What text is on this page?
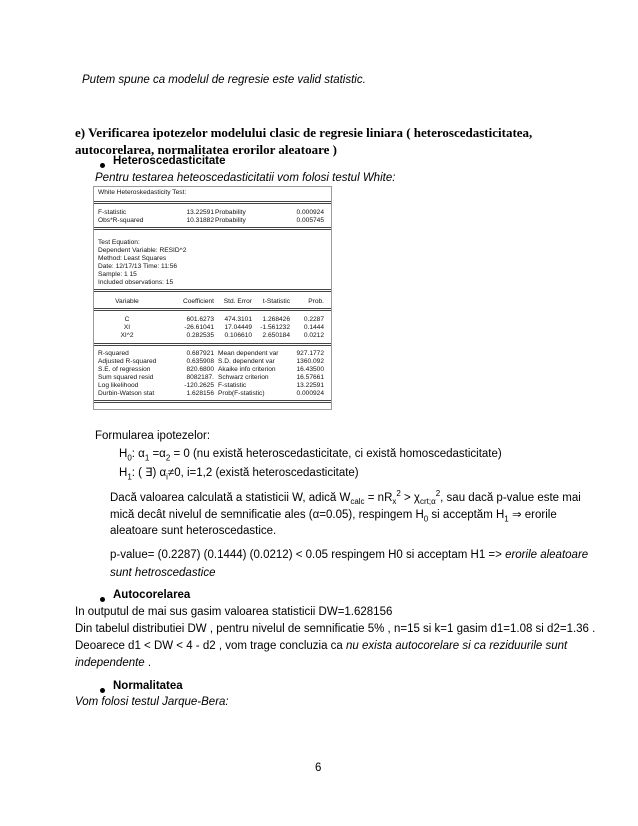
Putem spune ca modelul de regresie este valid statistic.
e) Verificarea ipotezelor modelului clasic de regresie liniara ( heteroscedasticitatea,
autocorelarea, normalitatea erorilor aleatoare )
Heteroscedasticitate
Pentru testarea heteoscedasticitatii vom folosi testul White:
White Heteroskedasticity Test:
F-statistic	13.22591 Probability	0.000924
Obs*R-squared	10.31882 Probability	0.005745
Test Equation:
Dependent Variable: RESID^2
Method: Least Squares
Date: 12/17/13 Time: 11:56
Sample: 1 15
Included observations: 15
Variable	Coefficient	Std. Error	t-Statistic	Prob.
C	601.6273	474.3101	1.268426	0.2287
XI	-26.61041	17.04449	-1.561232	0.1444
XI^2	0.282535	0.106610	2.650184	0.0212
R-squared	0.687921 Mean dependent var	927.1772
Adjusted R-squared	0.635908 S.D. dependent var	1360.092
S.E. of regression	820.6800 Akaike info criterion	16.43500
Sum squared resid	8082187. Schwarz criterion	16.57661
Log likelihood	-120.2625 F-statistic	13.22591
Durbin-Watson stat	1.628156 Prob(F-statistic)	0.000924
Formularea ipotezelor:
$H_0$: $\alpha_1 =\alpha_2 = 0$ (nu există heteroscedasticitate, ci există homoscedasticitate)
$H_1$: ( ∃) $\alpha_i\ne 0$, i=1,2 (există heteroscedasticitate)
Dacă valoarea calculată a statisticii W, adică $W_{calc} = nR_x^2 > \chi_{crt;\alpha}^2$, sau dacă p-value este mai
mică decât nivelul de semnificatie ales (α=0.05), respingem $H_0$ si acceptăm $H_1$ ⇒ erorile
aleatoare sunt heteroscedastice.
p-value= (0.2287) (0.1444) (0.0212) < 0.05 respingem H0 si acceptam H1 => erorile aleatoare
sunt hetroscedastice
Autocorelarea
In outputul de mai sus gasim valoarea statisticii DW=1.628156
Din tabelul distributiei DW , pentru nivelul de semnificatie 5% , n=15 si k=1 gasim d1=1.08 si d2=1.36 .
Deoarece d1 < DW < 4 - d2 , vom trage concluzia ca nu exista autocorelare si ca reziduurile sunt
independente .
Normalitatea
Vom folosi testul Jarque-Bera:
6
